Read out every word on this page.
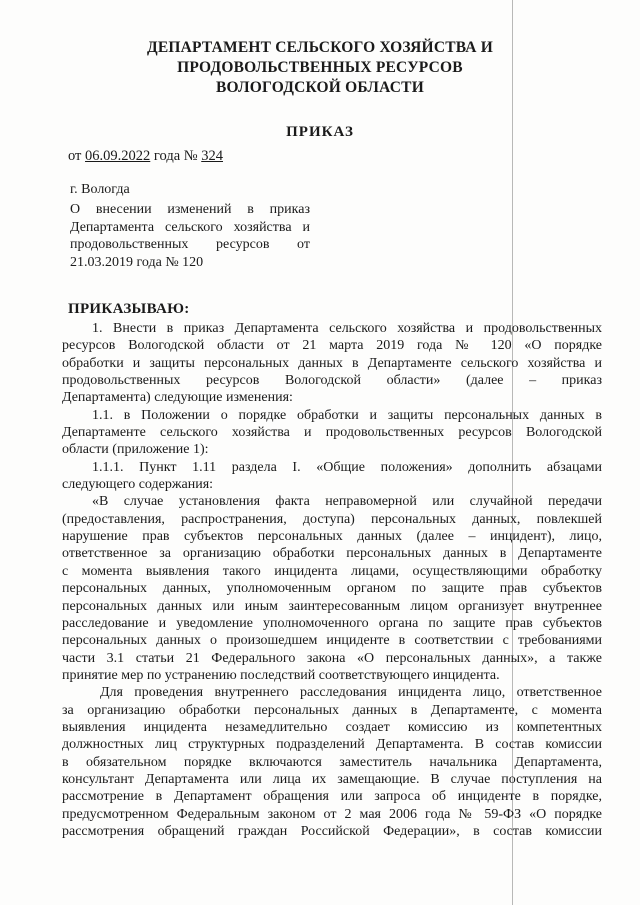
ДЕПАРТАМЕНТ СЕЛЬСКОГО ХОЗЯЙСТВА И
ПРОДОВОЛЬСТВЕННЫХ РЕСУРСОВ
ВОЛОГОДСКОЙ ОБЛАСТИ
ПРИКАЗ
от 06.09.2022 года № 324
г. Вологда
О внесении изменений в приказ
Департамента сельского хозяйства и
продовольственных ресурсов от
21.03.2019 года № 120
ПРИКАЗЫВАЮ:
1. Внести в приказ Департамента сельского хозяйства и продовольственных
ресурсов Вологодской области от 21 марта 2019 года № 120 «О порядке
обработки и защиты персональных данных в Департаменте сельского хозяйства и
продовольственных ресурсов Вологодской области» (далее – приказ
Департамента) следующие изменения:
1.1. в Положении о порядке обработки и защиты персональных данных в
Департаменте сельского хозяйства и продовольственных ресурсов Вологодской
области (приложение 1):
1.1.1. Пункт 1.11 раздела I. «Общие положения» дополнить абзацами
следующего содержания:
«В случае установления факта неправомерной или случайной передачи
(предоставления, распространения, доступа) персональных данных, повлекшей
нарушение прав субъектов персональных данных (далее – инцидент), лицо,
ответственное за организацию обработки персональных данных в Департаменте
с момента выявления такого инцидента лицами, осуществляющими обработку
персональных данных, уполномоченным органом по защите прав субъектов
персональных данных или иным заинтересованным лицом организует внутреннее
расследование и уведомление уполномоченного органа по защите прав субъектов
персональных данных о произошедшем инциденте в соответствии с требованиями
части 3.1 статьи 21 Федерального закона «О персональных данных», а также
принятие мер по устранению последствий соответствующего инцидента.
Для проведения внутреннего расследования инцидента лицо, ответственное
за организацию обработки персональных данных в Департаменте, с момента
выявления инцидента незамедлительно создает комиссию из компетентных
должностных лиц структурных подразделений Департамента. В состав комиссии
в обязательном порядке включаются заместитель начальника Департамента,
консультант Департамента или лица их замещающие. В случае поступления на
рассмотрение в Департамент обращения или запроса об инциденте в порядке,
предусмотренном Федеральным законом от 2 мая 2006 года № 59-ФЗ «О порядке
рассмотрения обращений граждан Российской Федерации», в состав комиссии
